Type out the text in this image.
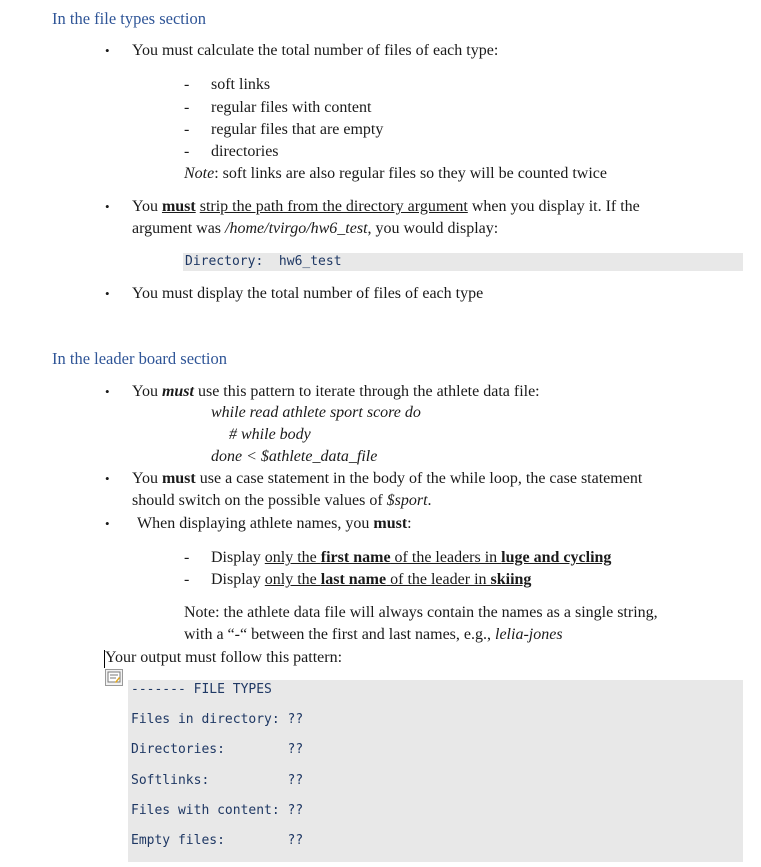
In the file types section
• You must calculate the total number of files of each type:
- soft links
- regular files with content
- regular files that are empty
- directories
Note: soft links are also regular files so they will be counted twice
• You must strip the path from the directory argument when you display it. If the
argument was /home/tvirgo/hw6_test, you would display:
Directory:  hw6_test
• You must display the total number of files of each type
In the leader board section
• You must use this pattern to iterate through the athlete data file:
while read athlete sport score do
# while body
done < $athlete_data_file
• You must use a case statement in the body of the while loop, the case statement
should switch on the possible values of $sport.
• When displaying athlete names, you must:
- Display only the first name of the leaders in luge and cycling
- Display only the last name of the leader in skiing
Note: the athlete data file will always contain the names as a single string,
with a “-“ between the first and last names, e.g., lelia-jones
Your output must follow this pattern:
------- FILE TYPES
Files in directory: ??
Directories:        ??
Softlinks:          ??
Files with content: ??
Empty files:        ??
